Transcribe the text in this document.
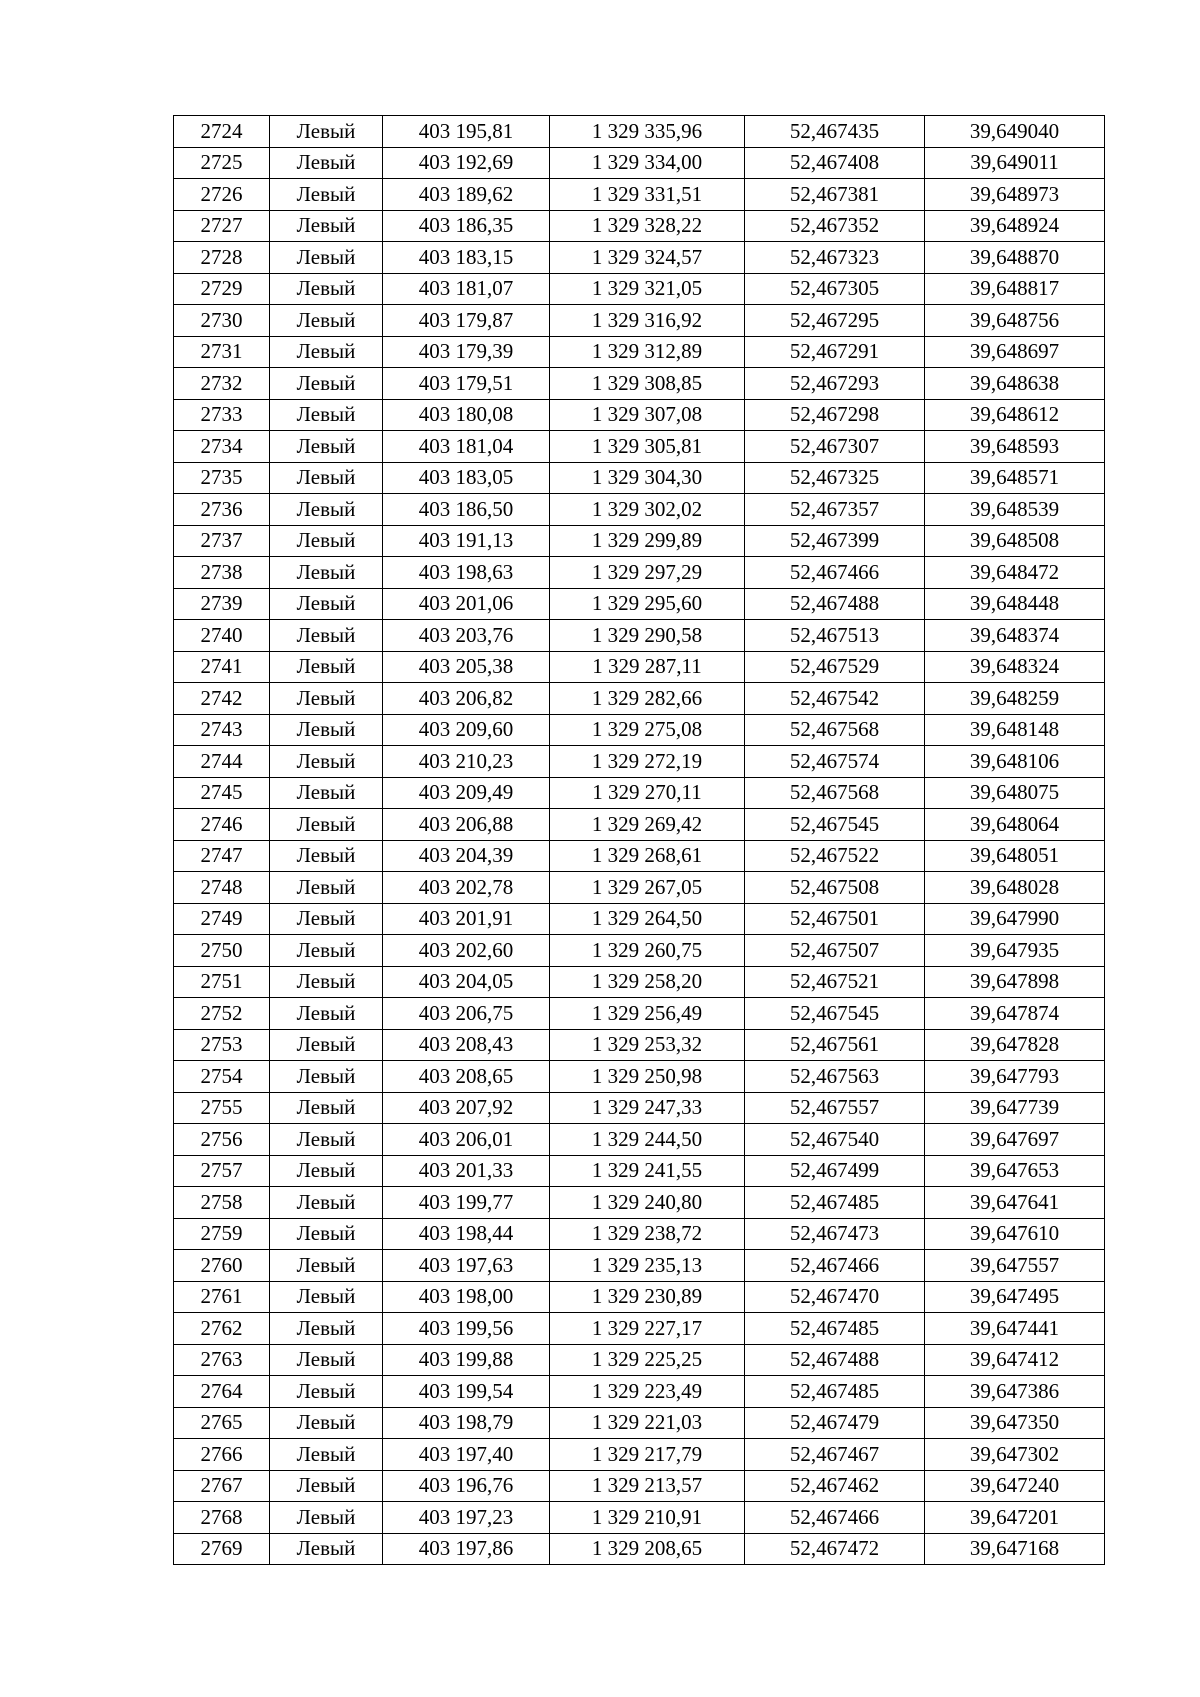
2724	Левый	403 195,81	1 329 335,96	52,467435	39,649040
2725	Левый	403 192,69	1 329 334,00	52,467408	39,649011
2726	Левый	403 189,62	1 329 331,51	52,467381	39,648973
2727	Левый	403 186,35	1 329 328,22	52,467352	39,648924
2728	Левый	403 183,15	1 329 324,57	52,467323	39,648870
2729	Левый	403 181,07	1 329 321,05	52,467305	39,648817
2730	Левый	403 179,87	1 329 316,92	52,467295	39,648756
2731	Левый	403 179,39	1 329 312,89	52,467291	39,648697
2732	Левый	403 179,51	1 329 308,85	52,467293	39,648638
2733	Левый	403 180,08	1 329 307,08	52,467298	39,648612
2734	Левый	403 181,04	1 329 305,81	52,467307	39,648593
2735	Левый	403 183,05	1 329 304,30	52,467325	39,648571
2736	Левый	403 186,50	1 329 302,02	52,467357	39,648539
2737	Левый	403 191,13	1 329 299,89	52,467399	39,648508
2738	Левый	403 198,63	1 329 297,29	52,467466	39,648472
2739	Левый	403 201,06	1 329 295,60	52,467488	39,648448
2740	Левый	403 203,76	1 329 290,58	52,467513	39,648374
2741	Левый	403 205,38	1 329 287,11	52,467529	39,648324
2742	Левый	403 206,82	1 329 282,66	52,467542	39,648259
2743	Левый	403 209,60	1 329 275,08	52,467568	39,648148
2744	Левый	403 210,23	1 329 272,19	52,467574	39,648106
2745	Левый	403 209,49	1 329 270,11	52,467568	39,648075
2746	Левый	403 206,88	1 329 269,42	52,467545	39,648064
2747	Левый	403 204,39	1 329 268,61	52,467522	39,648051
2748	Левый	403 202,78	1 329 267,05	52,467508	39,648028
2749	Левый	403 201,91	1 329 264,50	52,467501	39,647990
2750	Левый	403 202,60	1 329 260,75	52,467507	39,647935
2751	Левый	403 204,05	1 329 258,20	52,467521	39,647898
2752	Левый	403 206,75	1 329 256,49	52,467545	39,647874
2753	Левый	403 208,43	1 329 253,32	52,467561	39,647828
2754	Левый	403 208,65	1 329 250,98	52,467563	39,647793
2755	Левый	403 207,92	1 329 247,33	52,467557	39,647739
2756	Левый	403 206,01	1 329 244,50	52,467540	39,647697
2757	Левый	403 201,33	1 329 241,55	52,467499	39,647653
2758	Левый	403 199,77	1 329 240,80	52,467485	39,647641
2759	Левый	403 198,44	1 329 238,72	52,467473	39,647610
2760	Левый	403 197,63	1 329 235,13	52,467466	39,647557
2761	Левый	403 198,00	1 329 230,89	52,467470	39,647495
2762	Левый	403 199,56	1 329 227,17	52,467485	39,647441
2763	Левый	403 199,88	1 329 225,25	52,467488	39,647412
2764	Левый	403 199,54	1 329 223,49	52,467485	39,647386
2765	Левый	403 198,79	1 329 221,03	52,467479	39,647350
2766	Левый	403 197,40	1 329 217,79	52,467467	39,647302
2767	Левый	403 196,76	1 329 213,57	52,467462	39,647240
2768	Левый	403 197,23	1 329 210,91	52,467466	39,647201
2769	Левый	403 197,86	1 329 208,65	52,467472	39,647168
